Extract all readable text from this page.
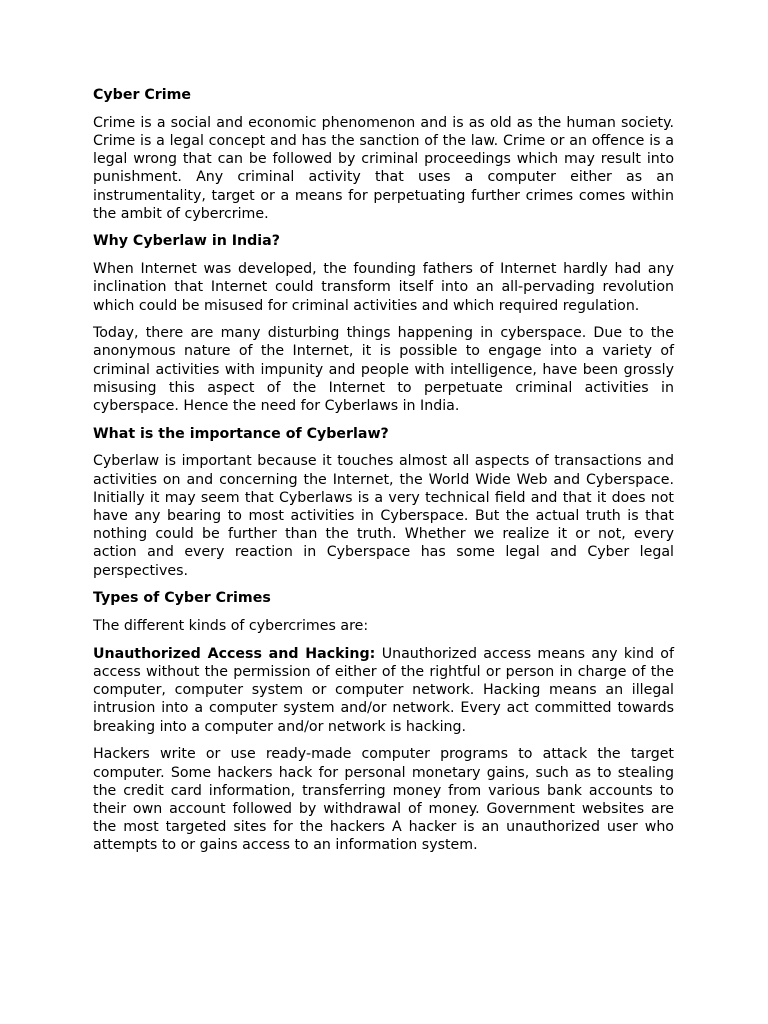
Cyber Crime
Crime is a social and economic phenomenon and is as old as the human society. Crime is a legal concept and has the sanction of the law. Crime or an offence is a legal wrong that can be followed by criminal proceedings which may result into punishment. Any criminal activity that uses a computer either as an instrumentality, target or a means for perpetuating further crimes comes within the ambit of cybercrime.
Why Cyberlaw in India?
When Internet was developed, the founding fathers of Internet hardly had any inclination that Internet could transform itself into an all-pervading revolution which could be misused for criminal activities and which required regulation.
Today, there are many disturbing things happening in cyberspace. Due to the anonymous nature of the Internet, it is possible to engage into a variety of criminal activities with impunity and people with intelligence, have been grossly misusing this aspect of the Internet to perpetuate criminal activities in cyberspace. Hence the need for Cyberlaws in India.
What is the importance of Cyberlaw?
Cyberlaw is important because it touches almost all aspects of transactions and activities on and concerning the Internet, the World Wide Web and Cyberspace. Initially it may seem that Cyberlaws is a very technical field and that it does not have any bearing to most activities in Cyberspace. But the actual truth is that nothing could be further than the truth. Whether we realize it or not, every action and every reaction in Cyberspace has some legal and Cyber legal perspectives.
Types of Cyber Crimes
The different kinds of cybercrimes are:
Unauthorized Access and Hacking: Unauthorized access means any kind of access without the permission of either of the rightful or person in charge of the computer, computer system or computer network. Hacking means an illegal intrusion into a computer system and/or network. Every act committed towards breaking into a computer and/or network is hacking.
Hackers write or use ready-made computer programs to attack the target computer. Some hackers hack for personal monetary gains, such as to stealing the credit card information, transferring money from various bank accounts to their own account followed by withdrawal of money. Government websites are the most targeted sites for the hackers A hacker is an unauthorized user who attempts to or gains access to an information system.
